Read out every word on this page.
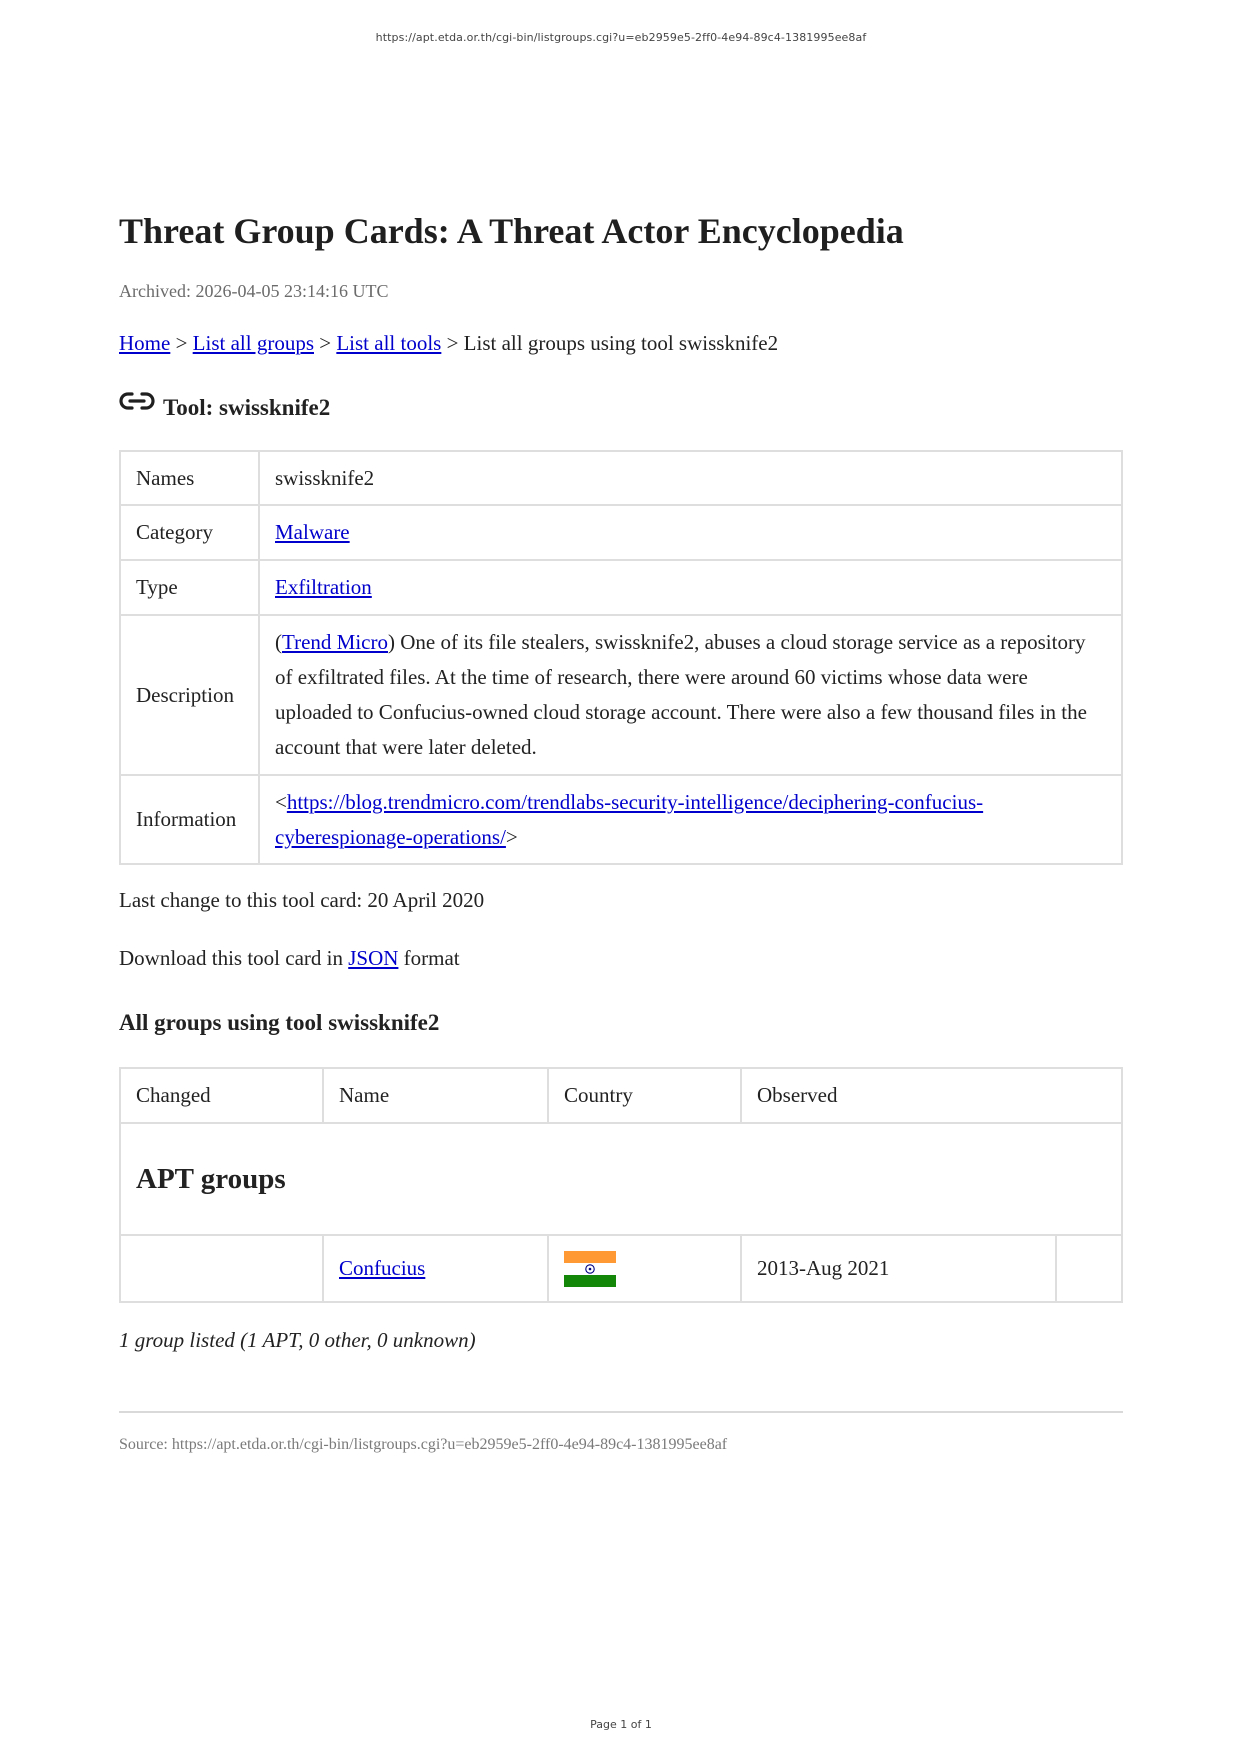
https://apt.etda.or.th/cgi-bin/listgroups.cgi?u=eb2959e5-2ff0-4e94-89c4-1381995ee8af
Threat Group Cards: A Threat Actor Encyclopedia
Archived: 2026-04-05 23:14:16 UTC
Home > List all groups > List all tools > List all groups using tool swissknife2
Tool: swissknife2
Names	swissknife2
Category	Malware
Type	Exfiltration
Description	(Trend Micro) One of its file stealers, swissknife2, abuses a cloud storage service as a repository of exfiltrated files. At the time of research, there were around 60 victims whose data were uploaded to Confucius-owned cloud storage account. There were also a few thousand files in the account that were later deleted.
Information	<https://blog.trendmicro.com/trendlabs-security-intelligence/deciphering-confucius-cyberespionage-operations/>
Last change to this tool card: 20 April 2020
Download this tool card in JSON format
All groups using tool swissknife2
Changed	Name	Country	Observed	
APT groups				
	Confucius		2013-Aug 2021	
1 group listed (1 APT, 0 other, 0 unknown)
Source: https://apt.etda.or.th/cgi-bin/listgroups.cgi?u=eb2959e5-2ff0-4e94-89c4-1381995ee8af
Page 1 of 1
